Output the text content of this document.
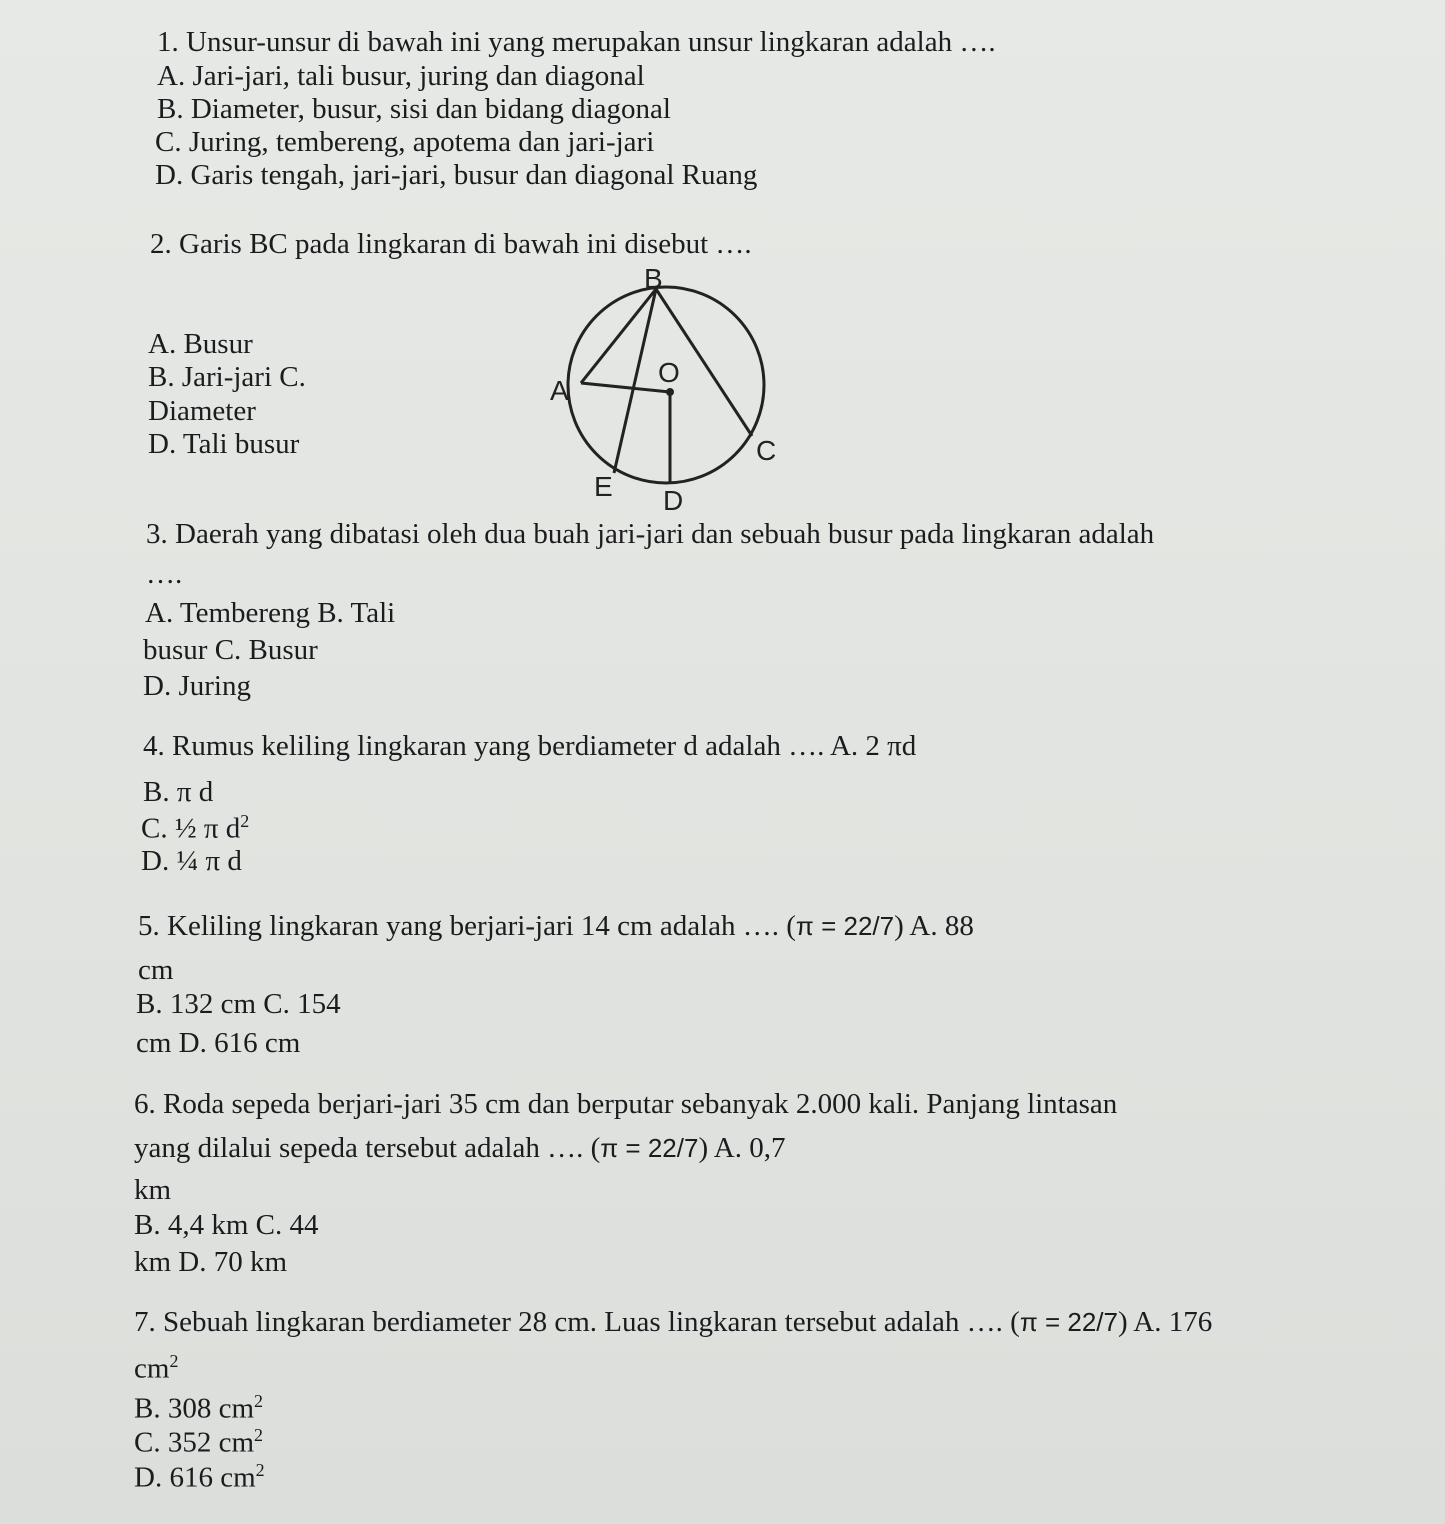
1. Unsur-unsur di bawah ini yang merupakan unsur lingkaran adalah ….
A. Jari-jari, tali busur, juring dan diagonal
B. Diameter, busur, sisi dan bidang diagonal
C. Juring, tembereng, apotema dan jari-jari
D. Garis tengah, jari-jari, busur dan diagonal Ruang
2. Garis BC pada lingkaran di bawah ini disebut ….
A. Busur
B. Jari-jari C.
Diameter
D. Tali busur
B
O
A
C
E D
3. Daerah yang dibatasi oleh dua buah jari-jari dan sebuah busur pada lingkaran adalah
….
A. Tembereng B. Tali
busur C. Busur
D. Juring
4. Rumus keliling lingkaran yang berdiameter d adalah …. A. 2 πd
B. π d
C. ½ π $d^2$
D. ¼ π d
5. Keliling lingkaran yang berjari-jari 14 cm adalah …. (π = 22/7) A. 88
cm
B. 132 cm C. 154
cm D. 616 cm
6. Roda sepeda berjari-jari 35 cm dan berputar sebanyak 2.000 kali. Panjang lintasan
yang dilalui sepeda tersebut adalah …. (π = 22/7) A. 0,7
km
B. 4,4 km C. 44
km D. 70 km
7. Sebuah lingkaran berdiameter 28 cm. Luas lingkaran tersebut adalah …. (π = 22/7) A. 176
$cm^2$
B. 308 $cm^2$
C. 352 $cm^2$
D. 616 $cm^2$
